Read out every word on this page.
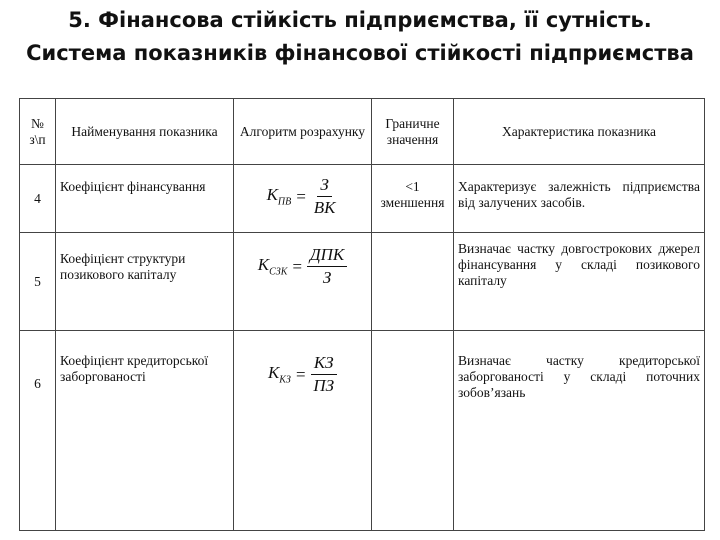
5. Фінансова стійкість підприємства, її сутність.
Система показників фінансової стійкості підприємства
№ з\п	Найменування показника	Алгоритм розрахунку	Граничне значення	Характеристика показника
4	Коефіцієнт фінансування	$K_{ПВ} = \frac{З}{ВК}$	<1 зменшення	Характеризує залежність підприємства від залучених засобів.
5	Коефіцієнт структури позикового капіталу	$K_{СЗК} = \frac{\text{ДПК}}{З}$		Визначає частку довгострокових джерел фінансування у складі позикового капіталу
6	Коефіцієнт кредиторської заборгованості	$K_{КЗ} = \frac{КЗ}{ПЗ}$		Визначає частку кредиторської заборгованості у складі поточних зобов’язань
